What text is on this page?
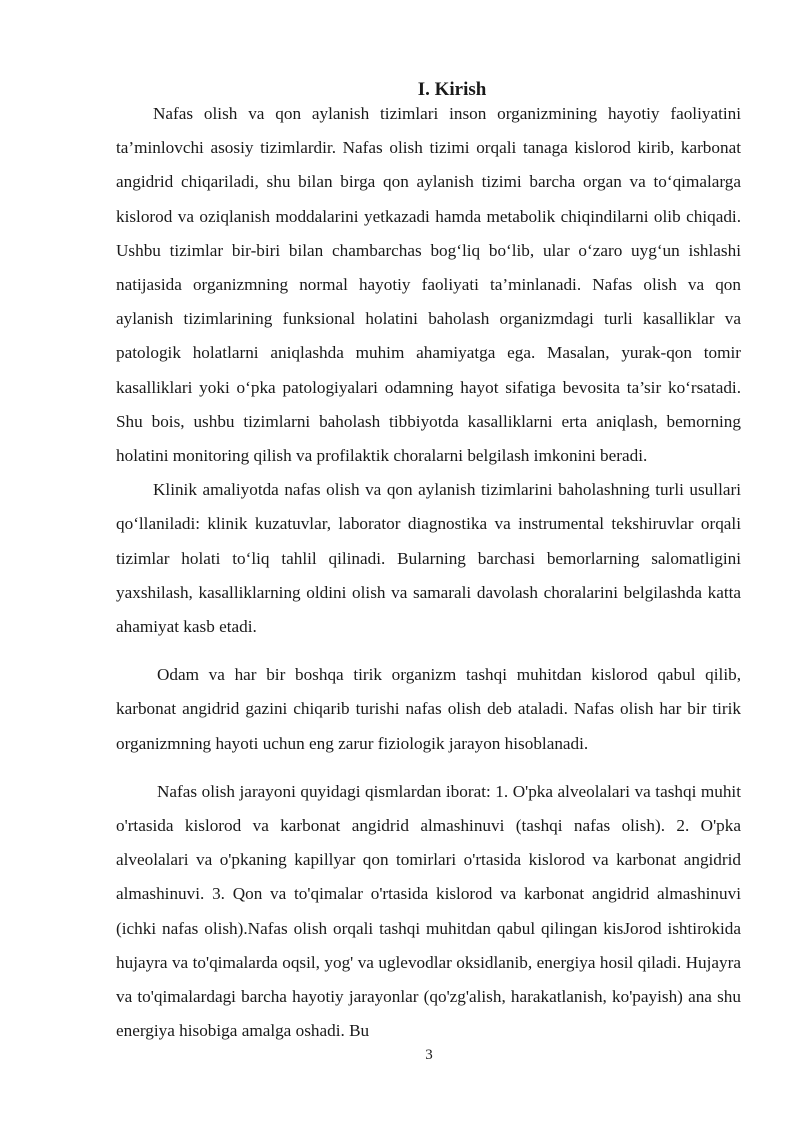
I. Kirish

Nafas olish va qon aylanish tizimlari inson organizmining hayotiy faoliyatini ta’minlovchi asosiy tizimlardir. Nafas olish tizimi orqali tanaga kislorod kirib, karbonat angidrid chiqariladi, shu bilan birga qon aylanish tizimi barcha organ va to‘qimalarga kislorod va oziqlanish moddalarini yetkazadi hamda metabolik chiqindilarni olib chiqadi. Ushbu tizimlar bir-biri bilan chambarchas bog‘liq bo‘lib, ular o‘zaro uyg‘un ishlashi natijasida organizmning normal hayotiy faoliyati ta’minlanadi. Nafas olish va qon aylanish tizimlarining funksional holatini baholash organizmdagi turli kasalliklar va patologik holatlarni aniqlashda muhim ahamiyatga ega. Masalan, yurak-qon tomir kasalliklari yoki o‘pka patologiyalari odamning hayot sifatiga bevosita ta’sir ko‘rsatadi. Shu bois, ushbu tizimlarni baholash tibbiyotda kasalliklarni erta aniqlash, bemorning holatini monitoring qilish va profilaktik choralarni belgilash imkonini beradi.

Klinik amaliyotda nafas olish va qon aylanish tizimlarini baholashning turli usullari qo‘llaniladi: klinik kuzatuvlar, laborator diagnostika va instrumental tekshiruvlar orqali tizimlar holati to‘liq tahlil qilinadi. Bularning barchasi bemorlarning salomatligini yaxshilash, kasalliklarning oldini olish va samarali davolash choralarini belgilashda katta ahamiyat kasb etadi.

Odam va har bir boshqa tirik organizm tashqi muhitdan kislorod qabul qilib, karbonat angidrid gazini chiqarib turishi nafas olish deb ataladi. Nafas olish har bir tirik organizmning hayoti uchun eng zarur fiziologik jarayon hisoblanadi.

Nafas olish jarayoni quyidagi qismlardan iborat: 1. O'pka alveolalari va tashqi muhit o'rtasida kislorod va karbonat angidrid almashinuvi (tashqi nafas olish). 2. O'pka alveolalari va o'pkaning kapillyar qon tomirlari o'rtasida kislorod va karbonat angidrid almashinuvi. 3. Qon va to'qimalar o'rtasida kislorod va karbonat angidrid almashinuvi (ichki nafas olish).Nafas olish orqali tashqi muhitdan qabul qilingan kisJorod ishtirokida hujayra va to'qimalarda oqsil, yog' va uglevodlar oksidlanib, energiya hosil qiladi. Hujayra va to'qimalardagi barcha hayotiy jarayonlar (qo'zg'alish, harakatlanish, ko'payish) ana shu energiya hisobiga amalga oshadi. Bu

3
